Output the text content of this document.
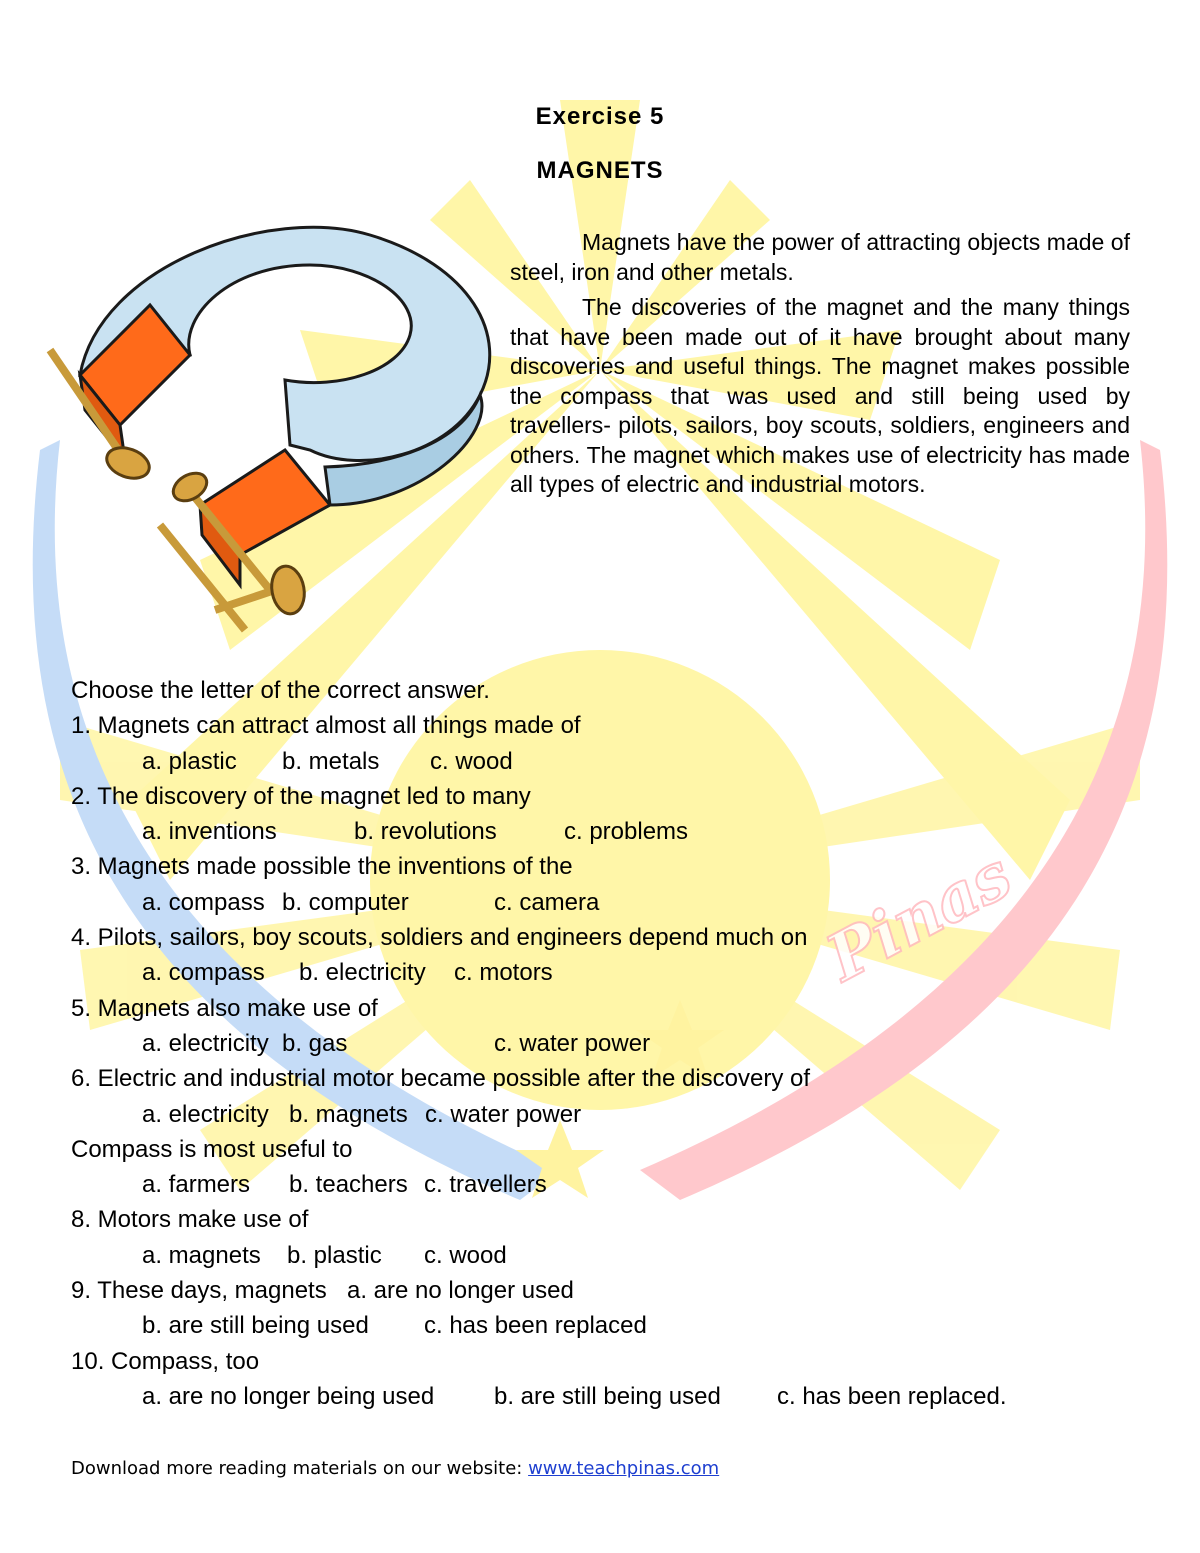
Pinas
Exercise 5
MAGNETS

Magnets have the power of attracting objects made of steel, iron and other metals.

The discoveries of the magnet and the many things that have been made out of it have brought about many discoveries and useful things. The magnet makes possible the compass that was used and still being used by travellers- pilots, sailors, boy scouts, soldiers, engineers and others. The magnet which makes use of electricity has made all types of electric and industrial motors.

Choose the letter of the correct answer.
1. Magnets can attract almost all things made of
a. plastic b. metals c. wood
2. The discovery of the magnet led to many
a. inventions	b. revolutions	c. problems
3. Magnets made possible the inventions of the
a. compass b. computer	c. camera
4. Pilots, sailors, boy scouts, soldiers and engineers depend much on
a. compass b. electricity c. motors
5. Magnets also make use of
a. electricity b. gas	c. water power
6. Electric and industrial motor became possible after the discovery of
a. electricity b. magnets c. water power
Compass is most useful to
a. farmers b. teachers c. travellers
8. Motors make use of
a. magnets b. plastic c. wood
9. These days, magnets a. are no longer used
b. are still being used c. has been replaced
10. Compass, too
a. are no longer being used b. are still being used c. has been replaced.
Download more reading materials on our website: www.teachpinas.com
